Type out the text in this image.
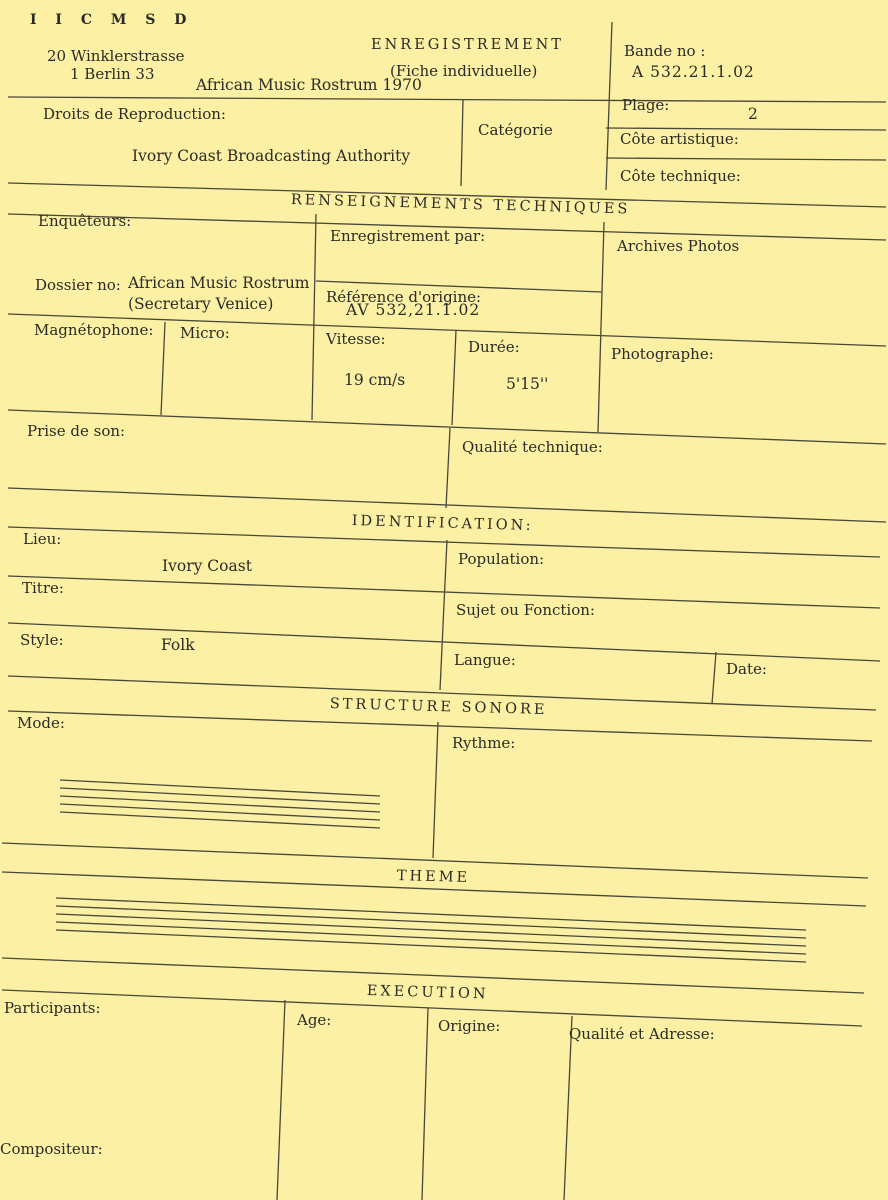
I I C M S D
20 Winklerstrasse
1 Berlin 33
ENREGISTREMENT
(Fiche individuelle)
African Music Rostrum 1970
Bande no :
A 532.21.1.02
Plage:	2
Côte artistique:
Côte technique:
Droits de Reproduction:
Ivory Coast Broadcasting Authority
Catégorie
RENSEIGNEMENTS TECHNIQUES
Enquêteurs:
Enregistrement par:
Archives Photos
Dossier no: African Music Rostrum
(Secretary Venice)	Référence d'origine:
AV 532,21.1.02
Magnétophone: Micro:	Vitesse:
19 cm/s
Durée:
5'15''
Photographe:
Prise de son:
Qualité technique:
IDENTIFICATION:
Lieu:
Ivory Coast	Population:
Titre:
Sujet ou Fonction:
Style:	Folk
Langue:	Date:
STRUCTURE SONORE
Mode:
Rythme:
THEME
EXECUTION
Participants:
Age:	Origine:	Qualité et Adresse:
Compositeur:
